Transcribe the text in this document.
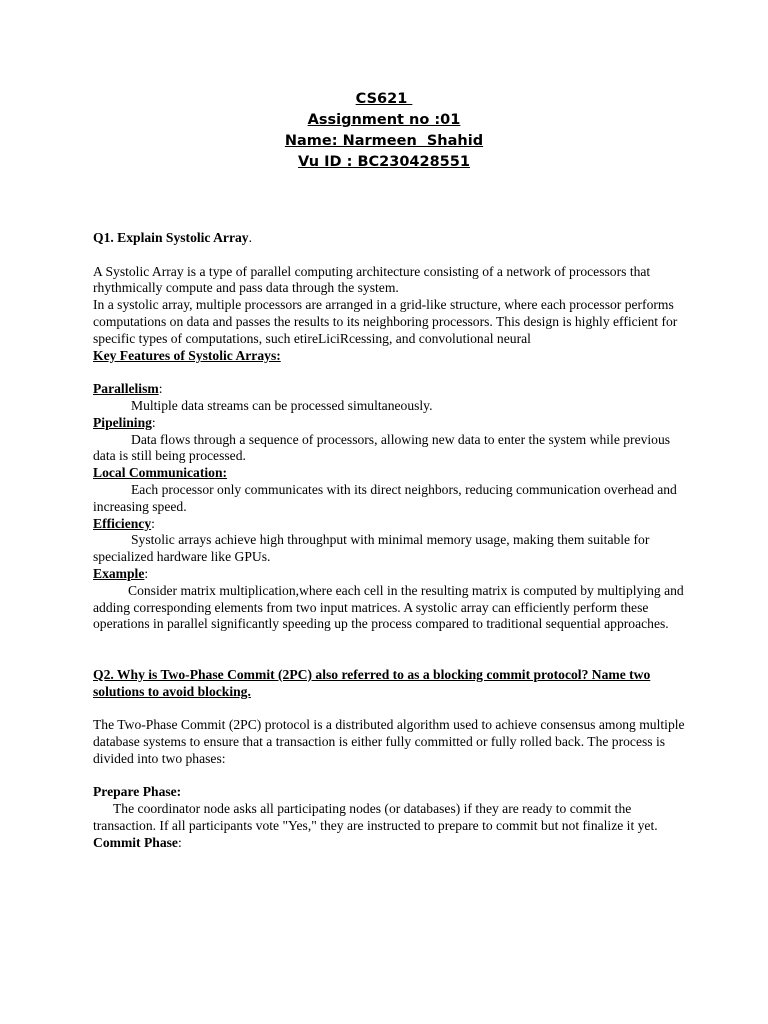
CS621
Assignment no :01
Name: Narmeen  Shahid
Vu ID : BC230428551

Q1. Explain Systolic Array.

A Systolic Array is a type of parallel computing architecture consisting of a network of processors that rhythmically compute and pass data through the system.

In a systolic array, multiple processors are arranged in a grid-like structure, where each processor performs computations on data and passes the results to its neighboring processors. This design is highly efficient for specific types of computations, such etireLiciRcessing, and convolutional neural

Key Features of Systolic Arrays:

Parallelism:

Multiple data streams can be processed simultaneously.

Pipelining:

Data flows through a sequence of processors, allowing new data to enter the system while previous data is still being processed.

Local Communication:

Each processor only communicates with its direct neighbors, reducing communication overhead and increasing speed.

Efficiency:

Systolic arrays achieve high throughput with minimal memory usage, making them suitable for specialized hardware like GPUs.

Example:

Consider matrix multiplication,where each cell in the resulting matrix is computed by multiplying and adding corresponding elements from two input matrices. A systolic array can efficiently perform these operations in parallel significantly speeding up the process compared to traditional sequential approaches.

Q2. Why is Two-Phase Commit (2PC) also referred to as a blocking commit protocol? Name two solutions to avoid blocking.

The Two-Phase Commit (2PC) protocol is a distributed algorithm used to achieve consensus among multiple database systems to ensure that a transaction is either fully committed or fully rolled back. The process is divided into two phases:

Prepare Phase:

The coordinator node asks all participating nodes (or databases) if they are ready to commit the transaction. If all participants vote "Yes," they are instructed to prepare to commit but not finalize it yet.

Commit Phase:
